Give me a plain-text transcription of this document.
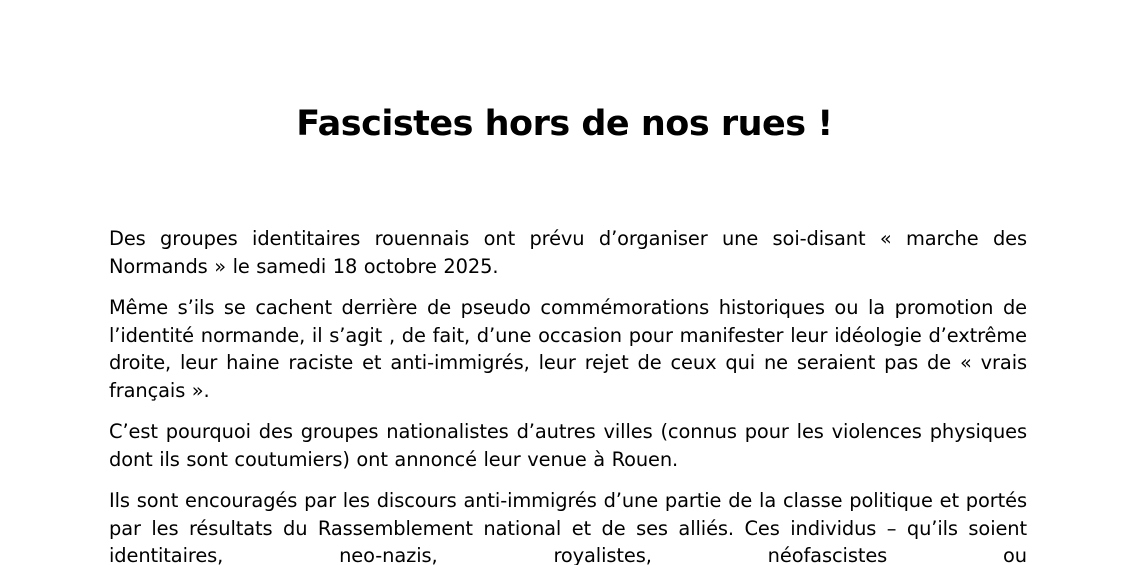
Fascistes hors de nos rues !

Des groupes identitaires rouennais ont prévu d’organiser une soi-disant « marche des Normands » le samedi 18 octobre 2025.

Même s’ils se cachent derrière de pseudo commémorations historiques ou la promotion de l’identité normande, il s’agit , de fait, d’une occasion pour manifester leur idéologie d’extrême droite, leur haine raciste et anti-immigrés, leur rejet de ceux qui ne seraient pas de « vrais français ».

C’est pourquoi des groupes nationalistes d’autres villes (connus pour les violences physiques dont ils sont coutumiers) ont annoncé leur venue à Rouen.

Ils sont encouragés par les discours anti-immigrés d’une partie de la classe politique et portés par les résultats du Rassemblement national et de ses alliés. Ces individus – qu’ils soient identitaires, neo-nazis, royalistes, néofascistes ou
